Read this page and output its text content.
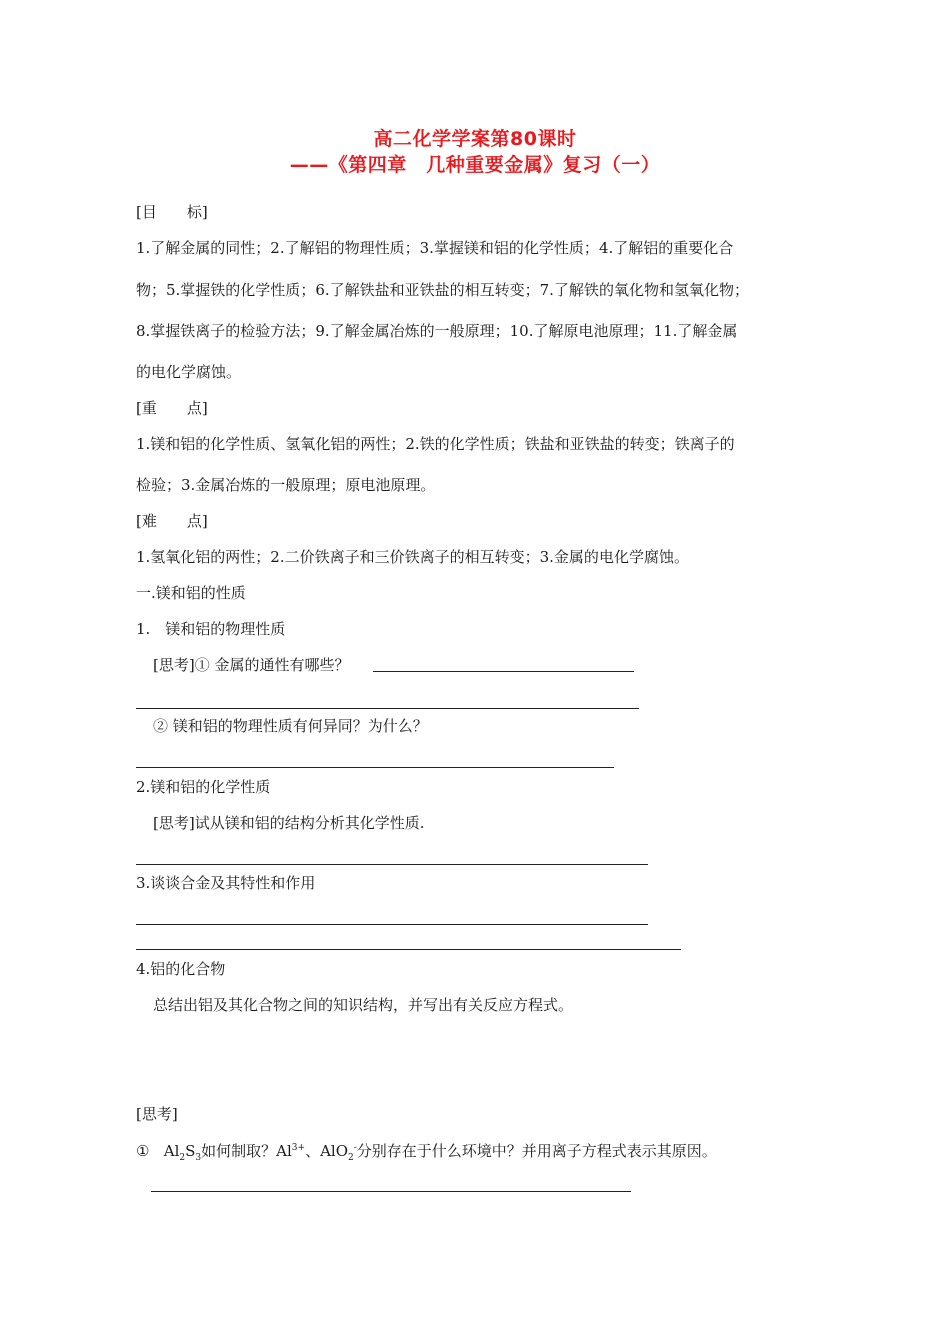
高二化学学案第80课时
——《第四章　几种重要金属》复习（一）
[目　　标]
1.了解金属的同性；2.了解铝的物理性质；3.掌握镁和铝的化学性质；4.了解铝的重要化合
物；5.掌握铁的化学性质；6.了解铁盐和亚铁盐的相互转变；7.了解铁的氧化物和氢氧化物；
8.掌握铁离子的检验方法；9.了解金属冶炼的一般原理；10.了解原电池原理；11.了解金属
的电化学腐蚀。
[重　　点]
1.镁和铝的化学性质、氢氧化铝的两性；2.铁的化学性质；铁盐和亚铁盐的转变；铁离子的
检验；3.金属冶炼的一般原理；原电池原理。
[难　　点]
1.氢氧化铝的两性；2.二价铁离子和三价铁离子的相互转变；3.金属的电化学腐蚀。
一.镁和铝的性质
1.　镁和铝的物理性质
[思考]① 金属的通性有哪些？
② 镁和铝的物理性质有何异同？为什么？
2.镁和铝的化学性质
[思考]试从镁和铝的结构分析其化学性质.
3.谈谈合金及其特性和作用
4.铝的化合物
总结出铝及其化合物之间的知识结构，并写出有关反应方程式。
[思考]
① $Al_2S_3$如何制取？$Al^{3+}$、AlO$_2$-分别存在于什么环境中？并用离子方程式表示其原因。
